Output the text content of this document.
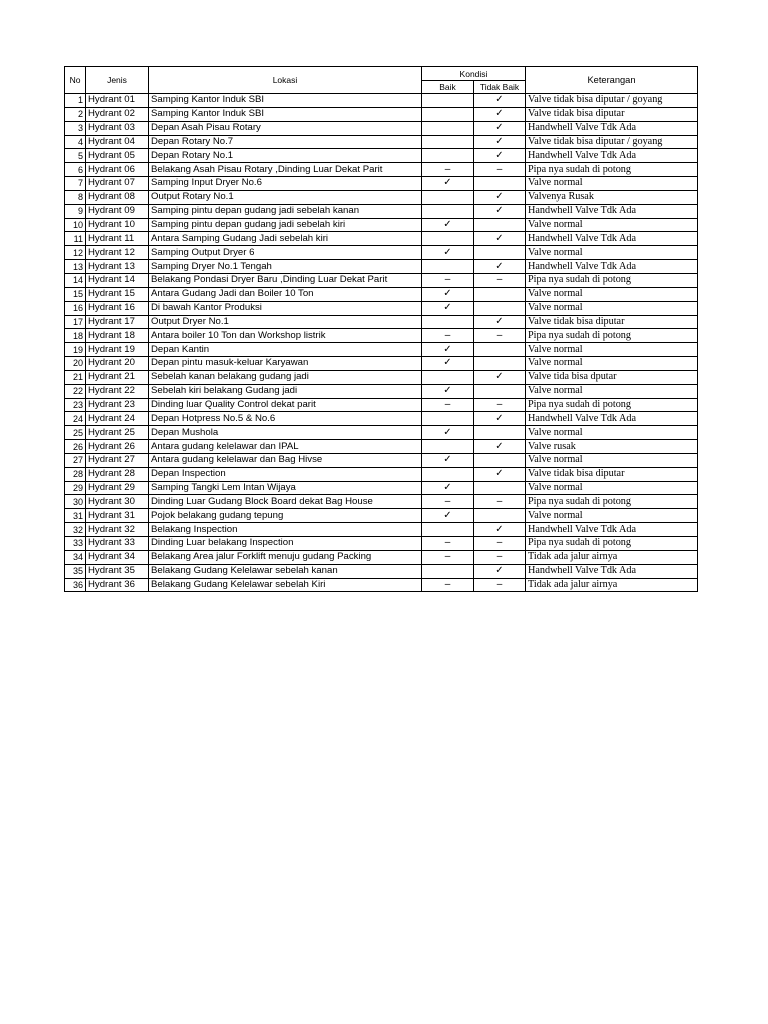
No	Jenis	Lokasi	Kondisi		Keterangan
			Baik	Tidak Baik	
1	Hydrant 01	Samping Kantor Induk SBI		✓	Valve tidak bisa diputar / goyang
2	Hydrant 02	Samping Kantor Induk SBI		✓	Valve tidak bisa diputar
3	Hydrant 03	Depan Asah Pisau Rotary		✓	Handwhell Valve Tdk Ada
4	Hydrant 04	Depan Rotary No.7		✓	Valve tidak bisa diputar / goyang
5	Hydrant 05	Depan Rotary No.1		✓	Handwhell Valve Tdk Ada
6	Hydrant 06	Belakang Asah Pisau Rotary ,Dinding Luar Dekat Parit	–	–	Pipa nya sudah di potong
7	Hydrant 07	Samping Input Dryer No.6	✓		Valve normal
8	Hydrant 08	Output Rotary No.1		✓	Valvenya Rusak
9	Hydrant 09	Samping pintu depan gudang jadi sebelah kanan		✓	Handwhell Valve Tdk Ada
10	Hydrant 10	Samping pintu depan gudang jadi sebelah kiri	✓		Valve normal
11	Hydrant 11	Antara Samping Gudang Jadi sebelah kiri		✓	Handwhell Valve Tdk Ada
12	Hydrant 12	Samping Output Dryer 6	✓		Valve normal
13	Hydrant 13	Samping Dryer No.1 Tengah		✓	Handwhell Valve Tdk Ada
14	Hydrant 14	Belakang Pondasi Dryer Baru ,Dinding Luar Dekat Parit	–	–	Pipa nya sudah di potong
15	Hydrant 15	Antara Gudang Jadi dan Boiler 10 Ton	✓		Valve normal
16	Hydrant 16	Di bawah Kantor Produksi	✓		Valve normal
17	Hydrant 17	Output Dryer No.1		✓	Valve tidak bisa diputar
18	Hydrant 18	Antara boiler 10 Ton dan Workshop listrik	–	–	Pipa nya sudah di potong
19	Hydrant 19	Depan Kantin	✓		Valve normal
20	Hydrant 20	Depan pintu masuk-keluar Karyawan	✓		Valve normal
21	Hydrant 21	Sebelah kanan belakang gudang jadi		✓	Valve tida bisa dputar
22	Hydrant 22	Sebelah kiri belakang Gudang jadi	✓		Valve normal
23	Hydrant 23	Dinding luar Quality Control dekat parit	–	–	Pipa nya sudah di potong
24	Hydrant 24	Depan Hotpress No.5 & No.6		✓	Handwhell Valve Tdk Ada
25	Hydrant 25	Depan Mushola	✓		Valve normal
26	Hydrant 26	Antara gudang kelelawar dan IPAL		✓	Valve rusak
27	Hydrant 27	Antara gudang kelelawar dan Bag Hivse	✓		Valve normal
28	Hydrant 28	Depan Inspection		✓	Valve tidak bisa diputar
29	Hydrant 29	Samping Tangki Lem Intan Wijaya	✓		Valve normal
30	Hydrant 30	Dinding Luar Gudang Block Board dekat Bag House	–	–	Pipa nya sudah di potong
31	Hydrant 31	Pojok belakang gudang tepung	✓		Valve normal
32	Hydrant 32	Belakang Inspection		✓	Handwhell Valve Tdk Ada
33	Hydrant 33	Dinding Luar belakang Inspection	–	–	Pipa nya sudah di potong
34	Hydrant 34	Belakang Area jalur Forklift menuju gudang Packing	–	–	Tidak ada jalur airnya
35	Hydrant 35	Belakang Gudang Kelelawar sebelah kanan		✓	Handwhell Valve Tdk Ada
36	Hydrant 36	Belakang Gudang Kelelawar sebelah Kiri	–	–	Tidak ada jalur airnya
